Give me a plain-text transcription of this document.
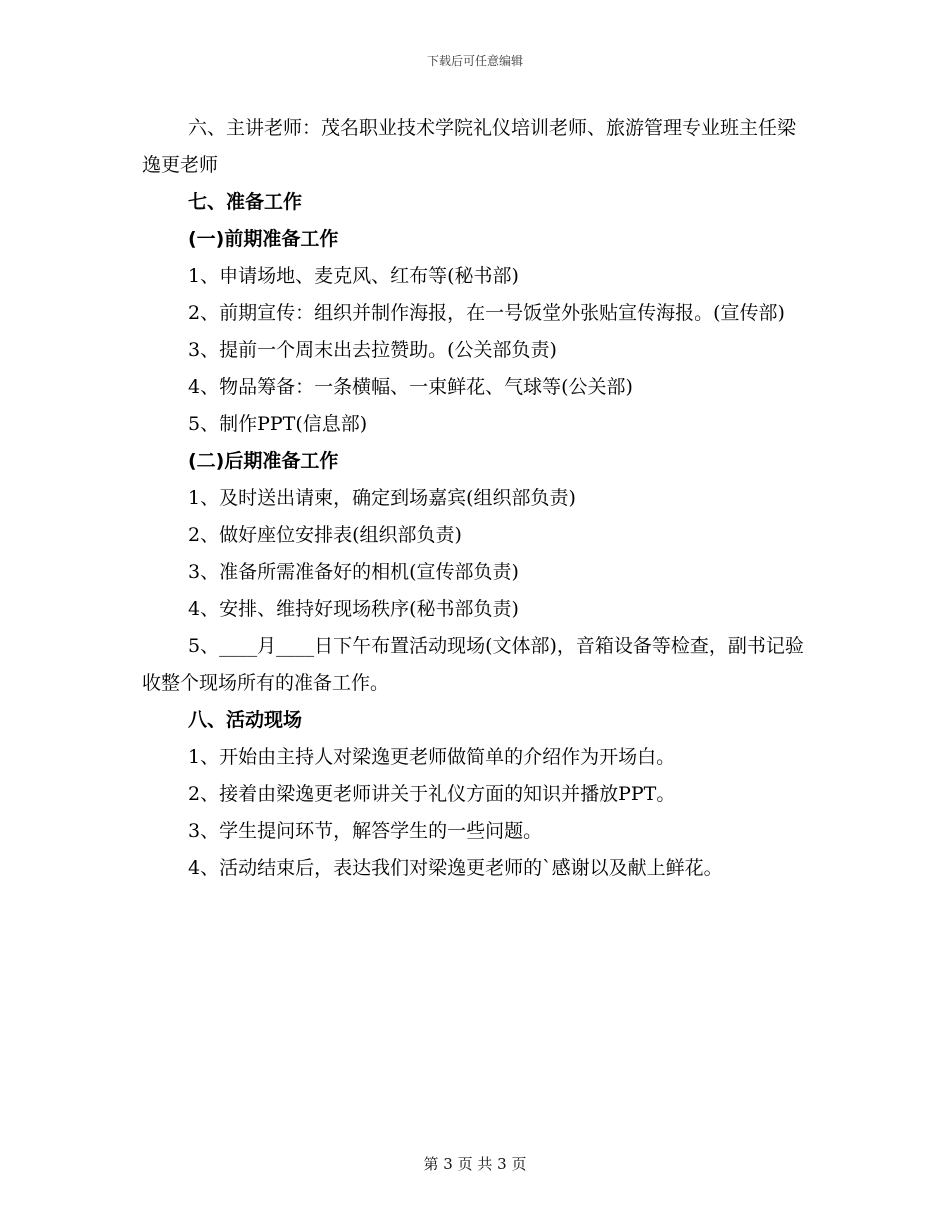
下载后可任意编辑

六、主讲老师：茂名职业技术学院礼仪培训老师、旅游管理专业班主任梁逸更老师

七、准备工作

(一)前期准备工作

1、申请场地、麦克风、红布等(秘书部)

2、前期宣传：组织并制作海报，在一号饭堂外张贴宣传海报。(宣传部)

3、提前一个周末出去拉赞助。(公关部负责)

4、物品筹备：一条横幅、一束鲜花、气球等(公关部)

5、制作PPT(信息部)

(二)后期准备工作

1、及时送出请柬，确定到场嘉宾(组织部负责)

2、做好座位安排表(组织部负责)

3、准备所需准备好的相机(宣传部负责)

4、安排、维持好现场秩序(秘书部负责)

5、____月____日下午布置活动现场(文体部)，音箱设备等检查，副书记验收整个现场所有的准备工作。

八、活动现场

1、开始由主持人对梁逸更老师做简单的介绍作为开场白。

2、接着由梁逸更老师讲关于礼仪方面的知识并播放PPT。

3、学生提问环节，解答学生的一些问题。

4、活动结束后，表达我们对梁逸更老师的`感谢以及献上鲜花。

第 3 页 共 3 页
